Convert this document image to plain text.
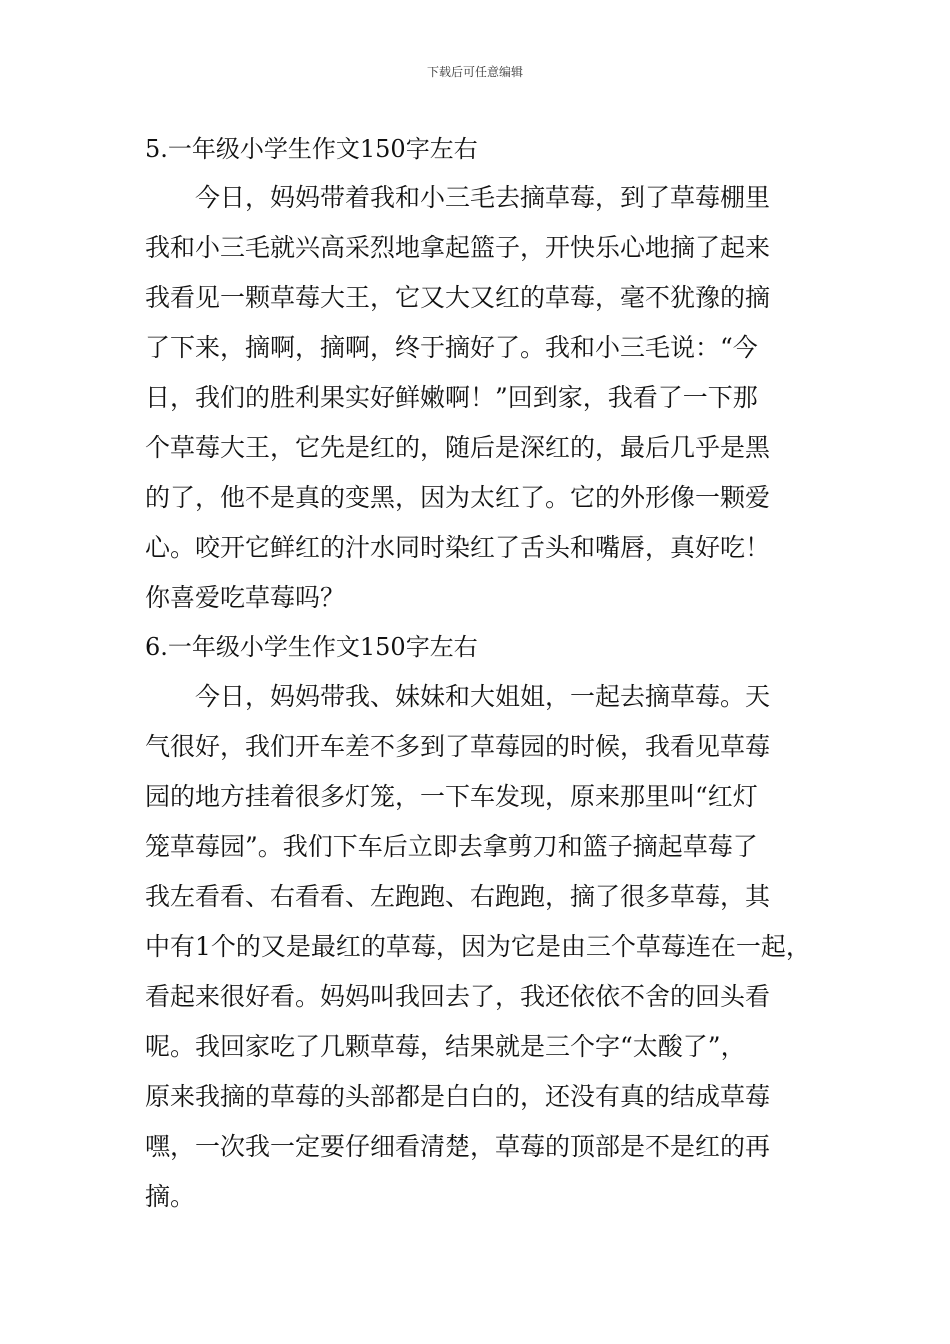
下载后可任意编辑
5.一年级小学生作文150字左右
今日，妈妈带着我和小三毛去摘草莓，到了草莓棚里
我和小三毛就兴高采烈地拿起篮子，开快乐心地摘了起来
我看见一颗草莓大王，它又大又红的草莓，毫不犹豫的摘
了下来，摘啊，摘啊，终于摘好了。我和小三毛说：“今
日，我们的胜利果实好鲜嫩啊！”回到家，我看了一下那
个草莓大王，它先是红的，随后是深红的，最后几乎是黑
的了，他不是真的变黑，因为太红了。它的外形像一颗爱
心。咬开它鲜红的汁水同时染红了舌头和嘴唇，真好吃！
你喜爱吃草莓吗？
6.一年级小学生作文150字左右
今日，妈妈带我、妹妹和大姐姐，一起去摘草莓。天
气很好，我们开车差不多到了草莓园的时候，我看见草莓
园的地方挂着很多灯笼，一下车发现，原来那里叫“红灯
笼草莓园”。我们下车后立即去拿剪刀和篮子摘起草莓了
我左看看、右看看、左跑跑、右跑跑，摘了很多草莓，其
中有1个的又是最红的草莓，因为它是由三个草莓连在一起，
看起来很好看。妈妈叫我回去了，我还依依不舍的回头看
呢。我回家吃了几颗草莓，结果就是三个字“太酸了”，
原来我摘的草莓的头部都是白白的，还没有真的结成草莓
嘿，一次我一定要仔细看清楚，草莓的顶部是不是红的再
摘。
